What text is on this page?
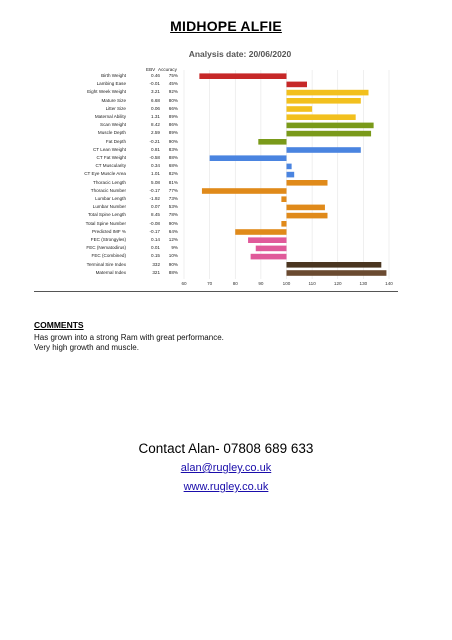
MIDHOPE ALFIE
Analysis date: 20/06/2020
EBV Accuracy
Birth Weight	0.46	75%
Lambing Ease	-0.01	45%
Eight Week Weight	3.21	92%
Mature Size	6.68	80%
Litter Size	0.06	66%
Maternal Ability	1.31	89%
Scan Weight	8.42	86%
Muscle Depth	2.59	89%
Fat Depth	-0.21	90%
CT Lean Weight	0.81	83%
CT Fat Weight	-0.58	88%
CT Muscularity	0.34	68%
CT Eye Muscle Area	1.01	82%
Thoracic Length	5.08	81%
Thoracic Number	-0.17	77%
Lumbar Length	-1.92	73%
Lumbar Number	0.07	53%
Total Spine Length	8.45	78%
Total Spine Number	-0.08	90%
Predicted IMF %	-0.17	64%
FEC (Strongyles)	0.14	12%
FEC (Nematodirus)	0.01	9%
FEC (Combined)	0.15	10%
Terminal Sire Index	332	90%
Maternal Index	321	88%
60	70	80	90	100	110	120	130	140
COMMENTS
Has grown into a strong Ram with great performance.
Very high growth and muscle.
Contact Alan- 07808 689 633
alan@rugley.co.uk
www.rugley.co.uk
